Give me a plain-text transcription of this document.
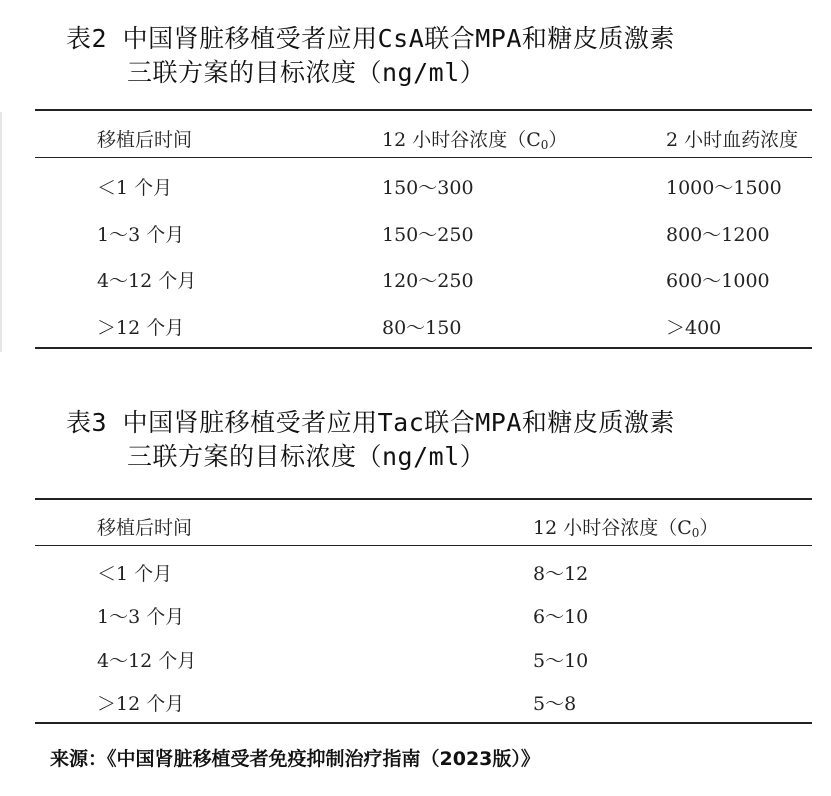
表2 中国肾脏移植受者应用CsA联合MPA和糖皮质激素
三联方案的目标浓度（ng/ml）
移植后时间	12 小时谷浓度$(C_0)$	2 小时血药浓度
＜1 个月	150～300	1000～1500
1～3 个月	150～250	800～1200
4～12 个月	120～250	600～1000
＞12 个月	80～150	＞400
表3 中国肾脏移植受者应用Tac联合MPA和糖皮质激素
三联方案的目标浓度（ng/ml）
移植后时间	12 小时谷浓度$(C_0)$
＜1 个月	8～12
1～3 个月	6～10
4～12 个月	5～10
＞12 个月	5～8
来源：《中国肾脏移植受者免疫抑制治疗指南（2023版）》
